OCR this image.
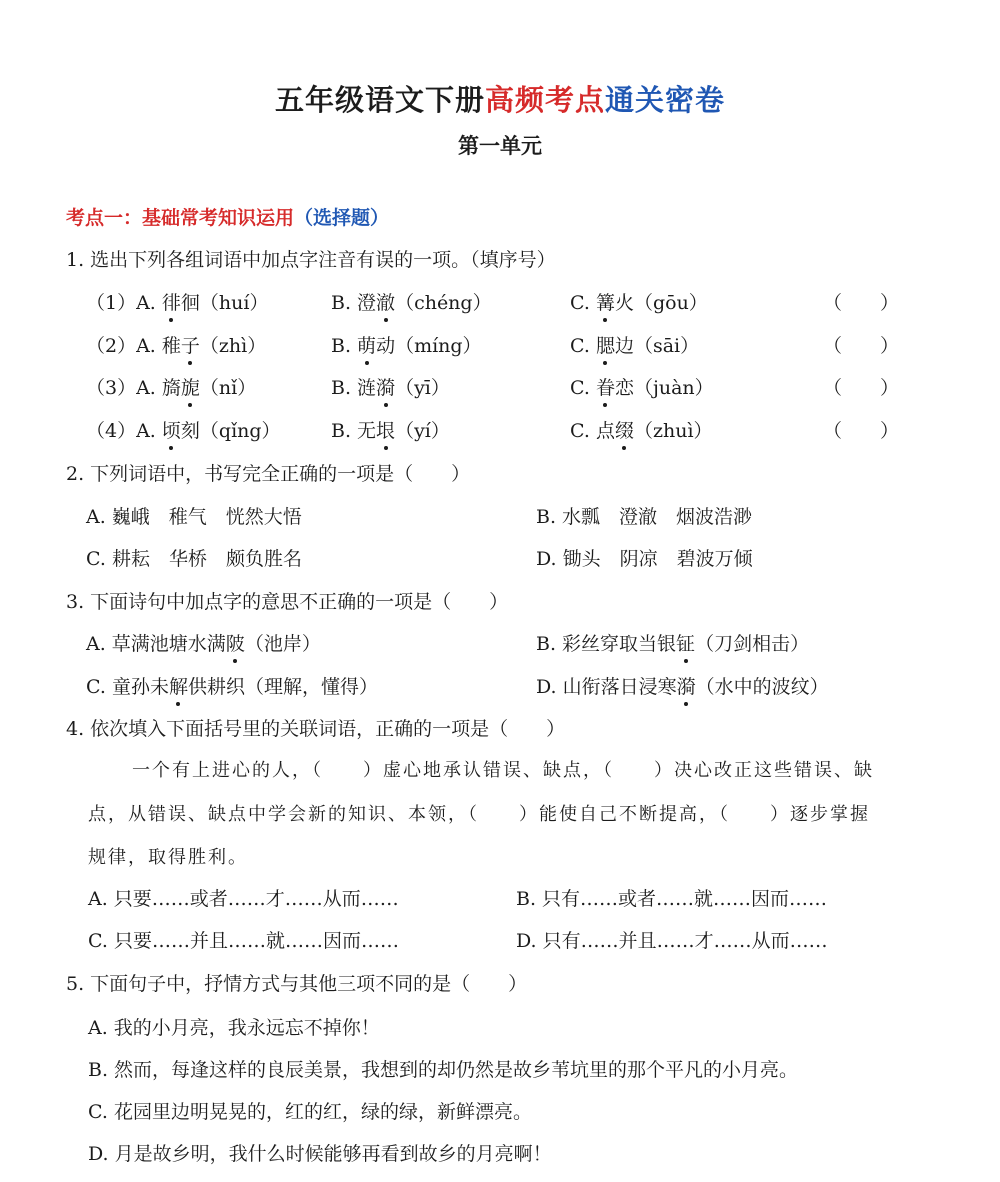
五年级语文下册高频考点通关密卷
第一单元
考点一：基础常考知识运用（选择题）
1. 选出下列各组词语中加点字注音有误的一项。（填序号）
（1）A. 徘徊（huí）	B. 澄澈（chéng）	C. 篝火（gōu）	（　　）
（2）A. 稚子（zhì）	B. 萌动（míng）	C. 腮边（sāi）	（　　）
（3）A. 旖旎（nǐ）	B. 涟漪（yī）	C. 眷恋（juàn）	（　　）
（4）A. 顷刻（qǐng）	B. 无垠（yí）	C. 点缀（zhuì）	（　　）
2. 下列词语中，书写完全正确的一项是（　　）
A. 巍峨　稚气　恍然大悟	B. 水瓢　澄澈　烟波浩渺
C. 耕耘　华桥　颇负胜名	D. 锄头　阴凉　碧波万倾
3. 下面诗句中加点字的意思不正确的一项是（　　）
A. 草满池塘水满陂（池岸）	B. 彩丝穿取当银钲（刀剑相击）
C. 童孙未解供耕织（理解，懂得）	D. 山衔落日浸寒漪（水中的波纹）
4. 依次填入下面括号里的关联词语，正确的一项是（　　）
一个有上进心的人，（　　）虚心地承认错误、缺点，（　　）决心改正这些错误、缺
点，从错误、缺点中学会新的知识、本领，（　　）能使自己不断提高，（　　）逐步掌握
规律，取得胜利。
A. 只要……或者……才……从而……	B. 只有……或者……就……因而……
C. 只要……并且……就……因而……	D. 只有……并且……才……从而……
5. 下面句子中，抒情方式与其他三项不同的是（　　）
A. 我的小月亮，我永远忘不掉你！
B. 然而，每逢这样的良辰美景，我想到的却仍然是故乡苇坑里的那个平凡的小月亮。
C. 花园里边明晃晃的，红的红，绿的绿，新鲜漂亮。
D. 月是故乡明，我什么时候能够再看到故乡的月亮啊！
